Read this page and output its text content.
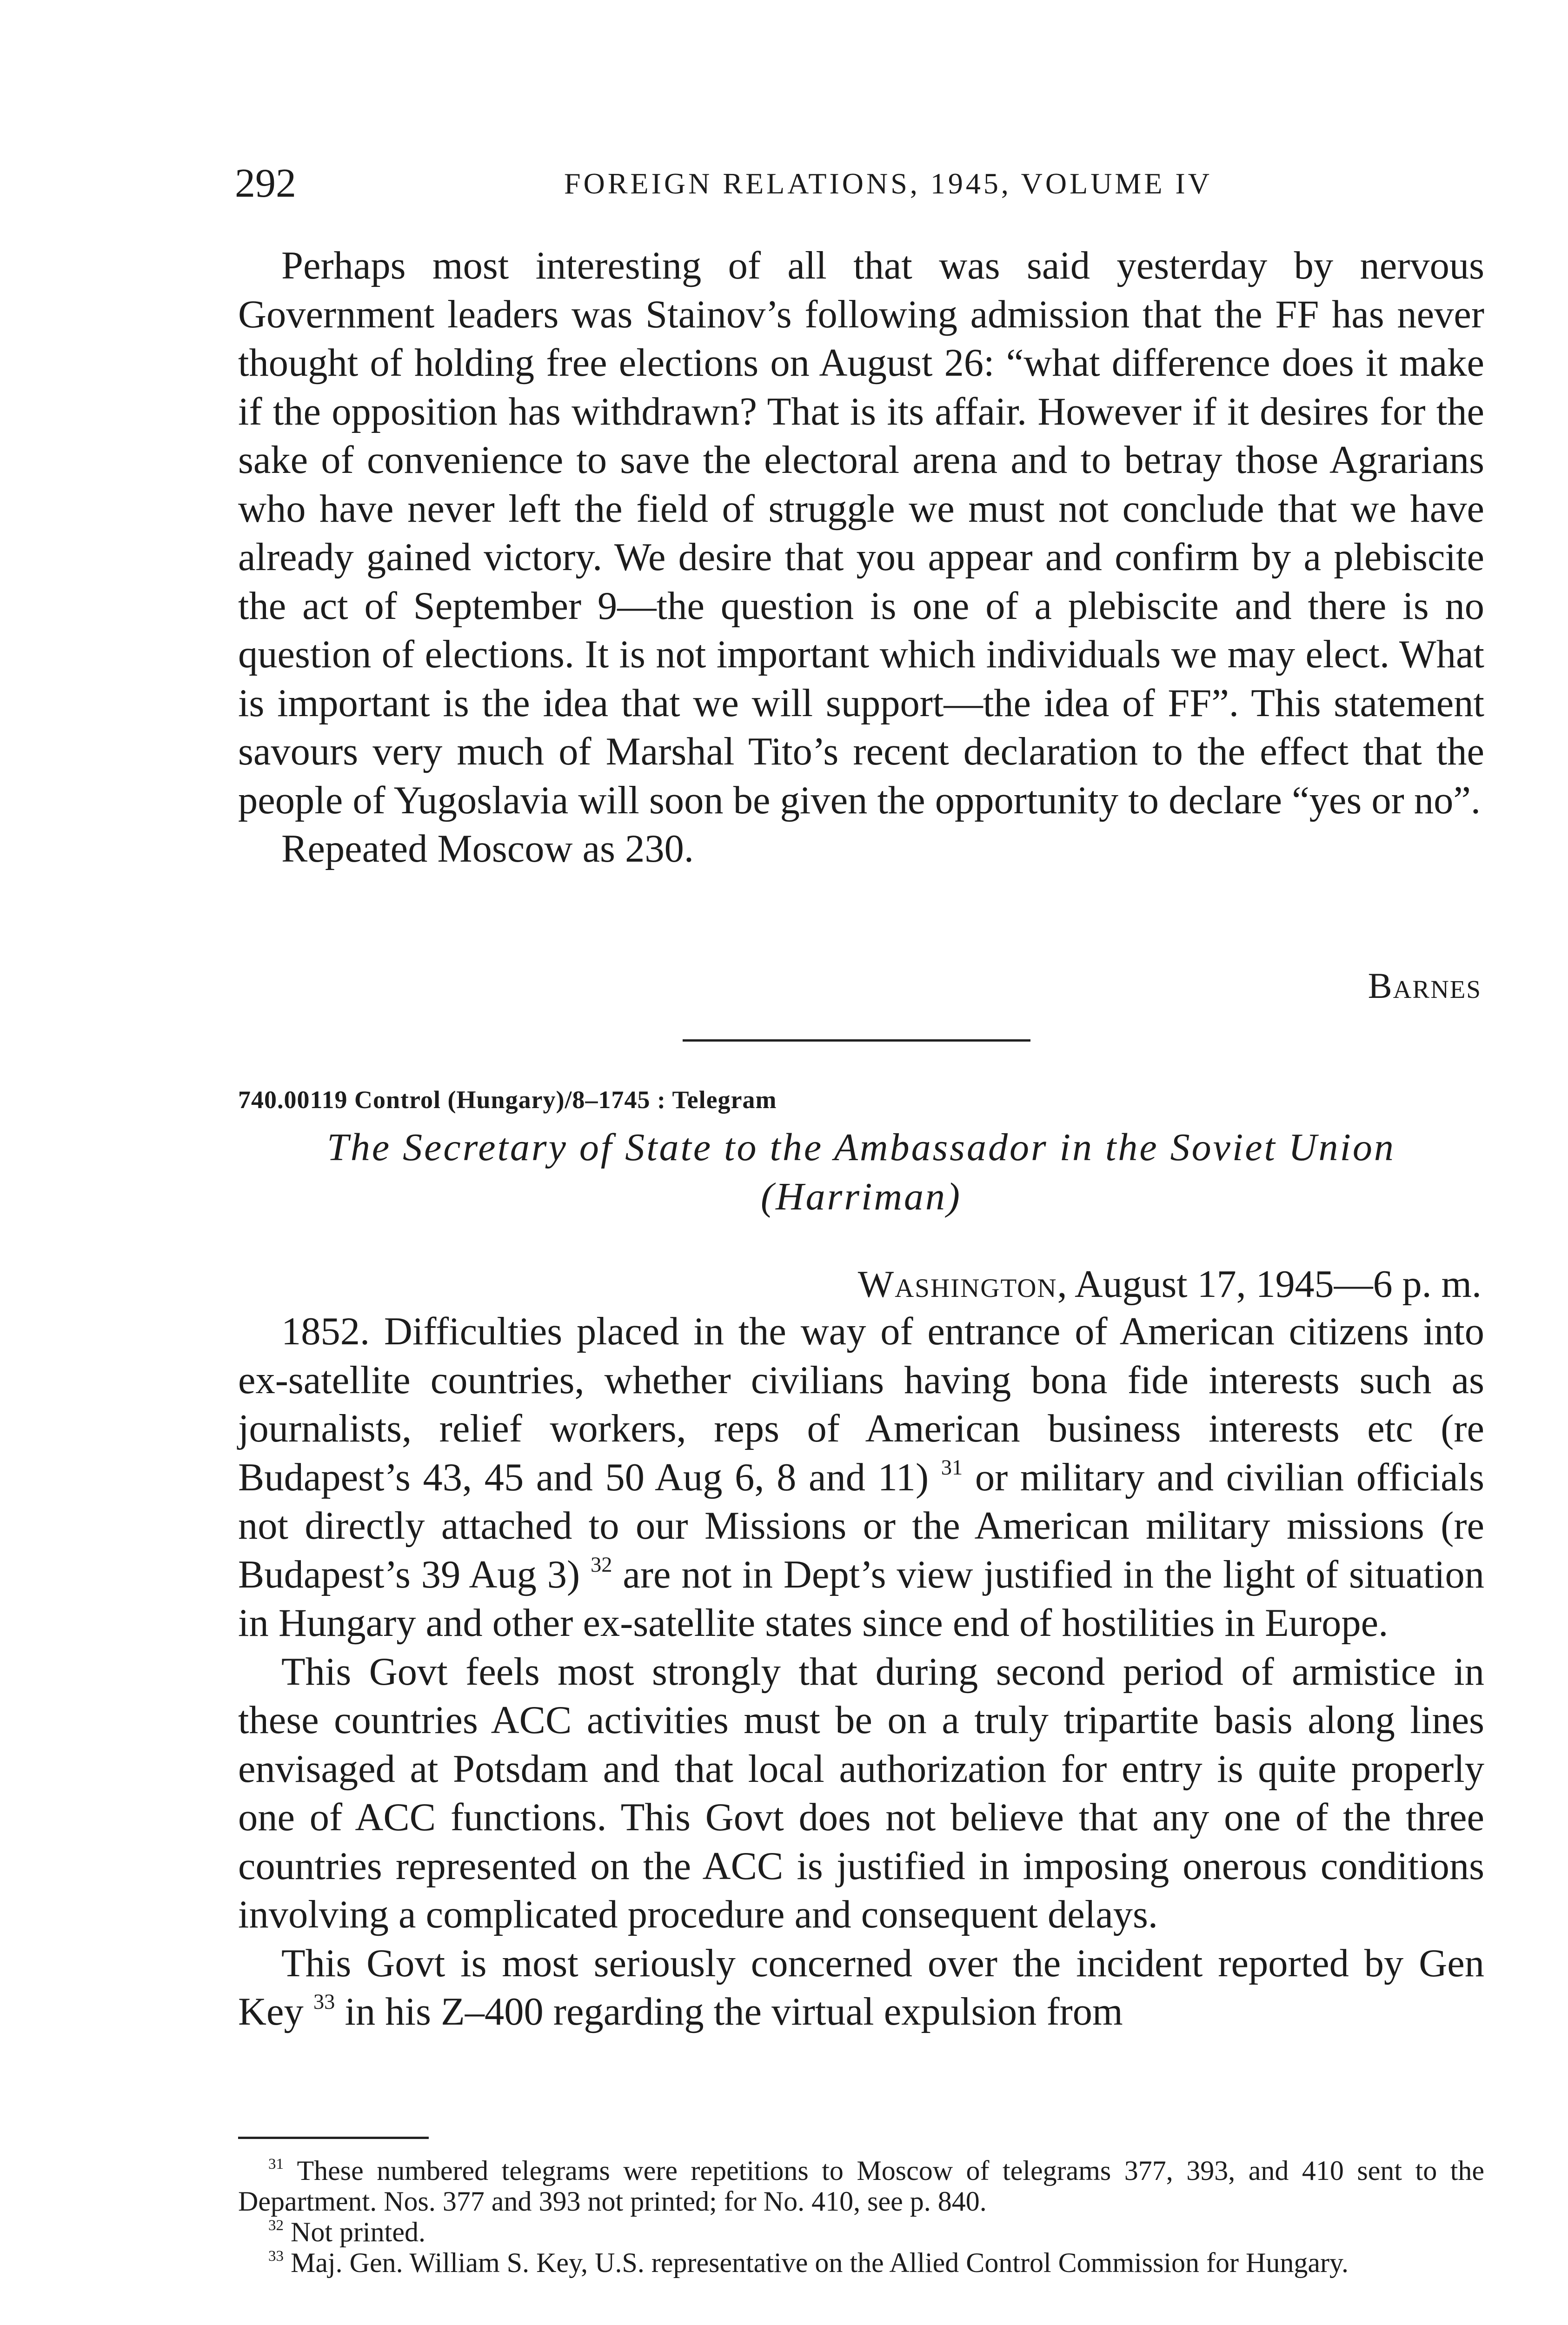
292	FOREIGN RELATIONS, 1945, VOLUME IV

Perhaps most interesting of all that was said yesterday by nervous Government leaders was Stainov’s following admission that the FF has never thought of holding free elections on August 26: “what difference does it make if the opposition has withdrawn? That is its affair. However if it desires for the sake of convenience to save the electoral arena and to betray those Agrarians who have never left the field of struggle we must not conclude that we have already gained victory. We desire that you appear and confirm by a plebiscite the act of September 9—the question is one of a plebiscite and there is no question of elections. It is not important which individuals we may elect. What is important is the idea that we will support—the idea of FF”. This statement savours very much of Marshal Tito’s recent declaration to the effect that the people of Yugoslavia will soon be given the opportunity to declare “yes or no”.

Repeated Moscow as 230.

Barnes
740.00119 Control (Hungary)/8–1745 : Telegram
The Secretary of State to the Ambassador in the Soviet Union
(Harriman)
Washington, August 17, 1945—6 p. m.

1852. Difficulties placed in the way of entrance of American citizens into ex-satellite countries, whether civilians having bona fide interests such as journalists, relief workers, reps of American business interests etc (re Budapest’s 43, 45 and 50 Aug 6, 8 and 11) $^{31}$ or military and civilian officials not directly attached to our Missions or the American military missions (re Budapest’s 39 Aug 3) $^{32}$ are not in Dept’s view justified in the light of situation in Hungary and other ex-satellite states since end of hostilities in Europe.

This Govt feels most strongly that during second period of armistice in these countries ACC activities must be on a truly tripartite basis along lines envisaged at Potsdam and that local authorization for entry is quite properly one of ACC functions. This Govt does not believe that any one of the three countries represented on the ACC is justified in imposing onerous conditions involving a complicated procedure and consequent delays.

This Govt is most seriously concerned over the incident reported by Gen Key $^{33}$ in his Z–400 regarding the virtual expulsion from

$^{31}$ These numbered telegrams were repetitions to Moscow of telegrams 377, 393, and 410 sent to the Department. Nos. 377 and 393 not printed; for No. 410, see p. 840.

$^{32}$ Not printed.

$^{33}$ Maj. Gen. William S. Key, U.S. representative on the Allied Control Commission for Hungary.
